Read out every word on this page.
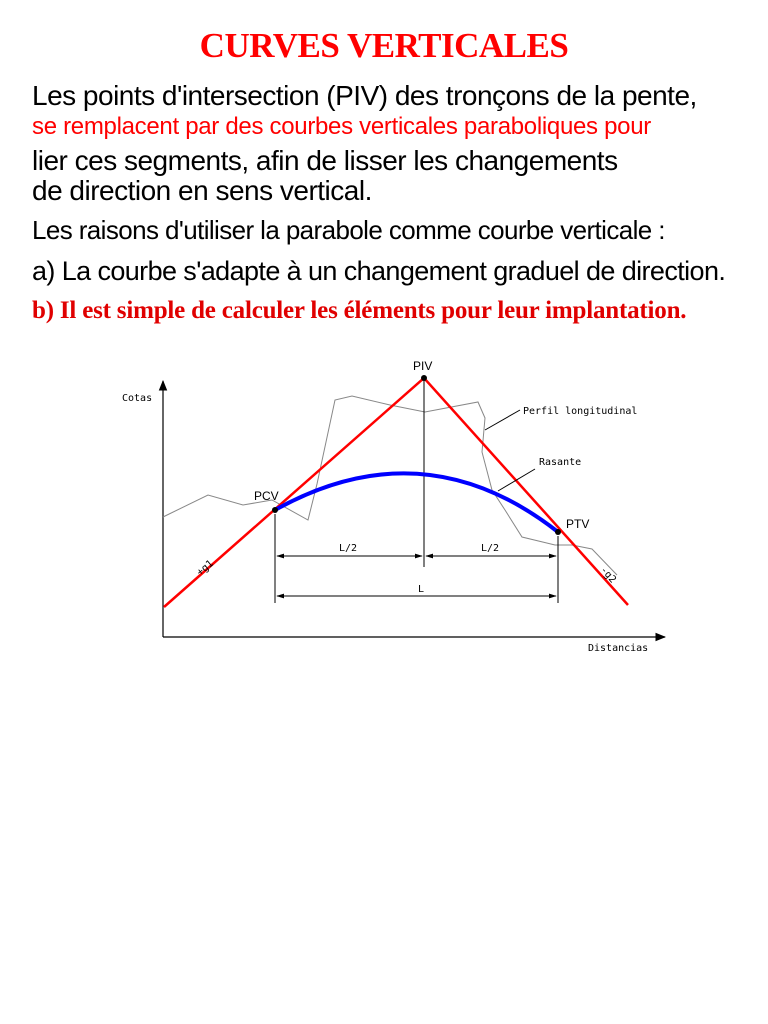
CURVES VERTICALES

Les points d'intersection (PIV) des tronçons de la pente,

se remplacent par des courbes verticales paraboliques pour

lier ces segments, afin de lisser les changements

de direction en sens vertical.

Les raisons d'utiliser la parabole comme courbe verticale :

a) La courbe s'adapte à un changement graduel de direction.

b) Il est simple de calculer les éléments pour leur implantation.

Cotas
Distancias
PIV
PCV
PTV
Perfil longitudinal
Rasante
+g1	-g2
L/2	L/2
L
